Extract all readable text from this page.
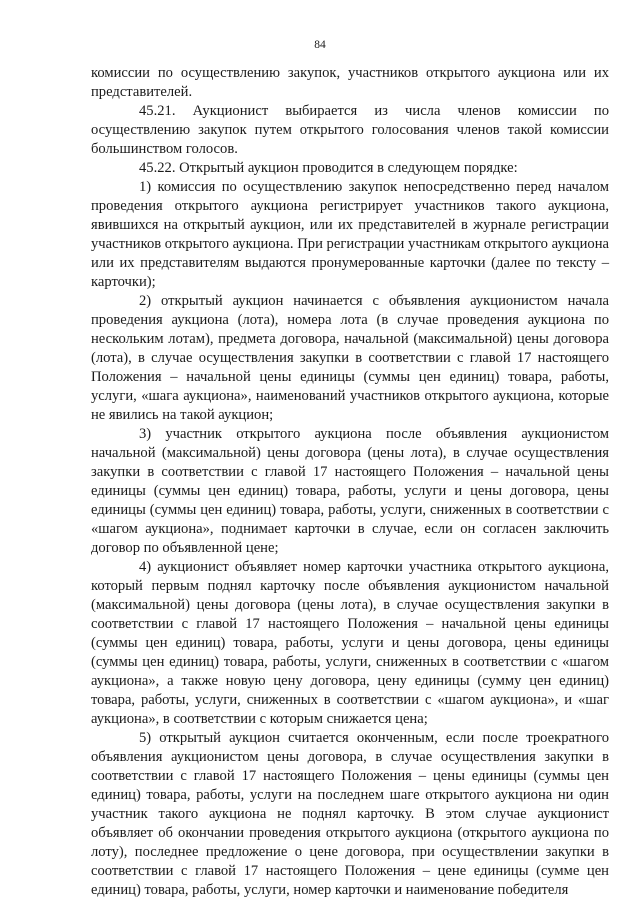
84

комиссии по осуществлению закупок, участников открытого аукциона или их представителей.

45.21. Аукционист выбирается из числа членов комиссии по осуществлению закупок путем открытого голосования членов такой комиссии большинством голосов.

45.22. Открытый аукцион проводится в следующем порядке:

1) комиссия по осуществлению закупок непосредственно перед началом проведения открытого аукциона регистрирует участников такого аукциона, явившихся на открытый аукцион, или их представителей в журнале регистрации участников открытого аукциона. При регистрации участникам открытого аукциона или их представителям выдаются пронумерованные карточки (далее по тексту – карточки);

2) открытый аукцион начинается с объявления аукционистом начала проведения аукциона (лота), номера лота (в случае проведения аукциона по нескольким лотам), предмета договора, начальной (максимальной) цены договора (лота), в случае осуществления закупки в соответствии с главой 17 настоящего Положения – начальной цены единицы (суммы цен единиц) товара, работы, услуги, «шага аукциона», наименований участников открытого аукциона, которые не явились на такой аукцион;

3) участник открытого аукциона после объявления аукционистом начальной (максимальной) цены договора (цены лота), в случае осуществления закупки в соответствии с главой 17 настоящего Положения – начальной цены единицы (суммы цен единиц) товара, работы, услуги и цены договора, цены единицы (суммы цен единиц) товара, работы, услуги, сниженных в соответствии с «шагом аукциона», поднимает карточки в случае, если он согласен заключить договор по объявленной цене;

4) аукционист объявляет номер карточки участника открытого аукциона, который первым поднял карточку после объявления аукционистом начальной (максимальной) цены договора (цены лота), в случае осуществления закупки в соответствии с главой 17 настоящего Положения – начальной цены единицы (суммы цен единиц) товара, работы, услуги и цены договора, цены единицы (суммы цен единиц) товара, работы, услуги, сниженных в соответствии с «шагом аукциона», а также новую цену договора, цену единицы (сумму цен единиц) товара, работы, услуги, сниженных в соответствии с «шагом аукциона», и «шаг аукциона», в соответствии с которым снижается цена;

5) открытый аукцион считается оконченным, если после троекратного объявления аукционистом цены договора, в случае осуществления закупки в соответствии с главой 17 настоящего Положения – цены единицы (суммы цен единиц) товара, работы, услуги на последнем шаге открытого аукциона ни один участник такого аукциона не поднял карточку. В этом случае аукционист объявляет об окончании проведения открытого аукциона (открытого аукциона по лоту), последнее предложение о цене договора, при осуществлении закупки в соответствии с главой 17 настоящего Положения – цене единицы (сумме цен единиц) товара, работы, услуги, номер карточки и наименование победителя
